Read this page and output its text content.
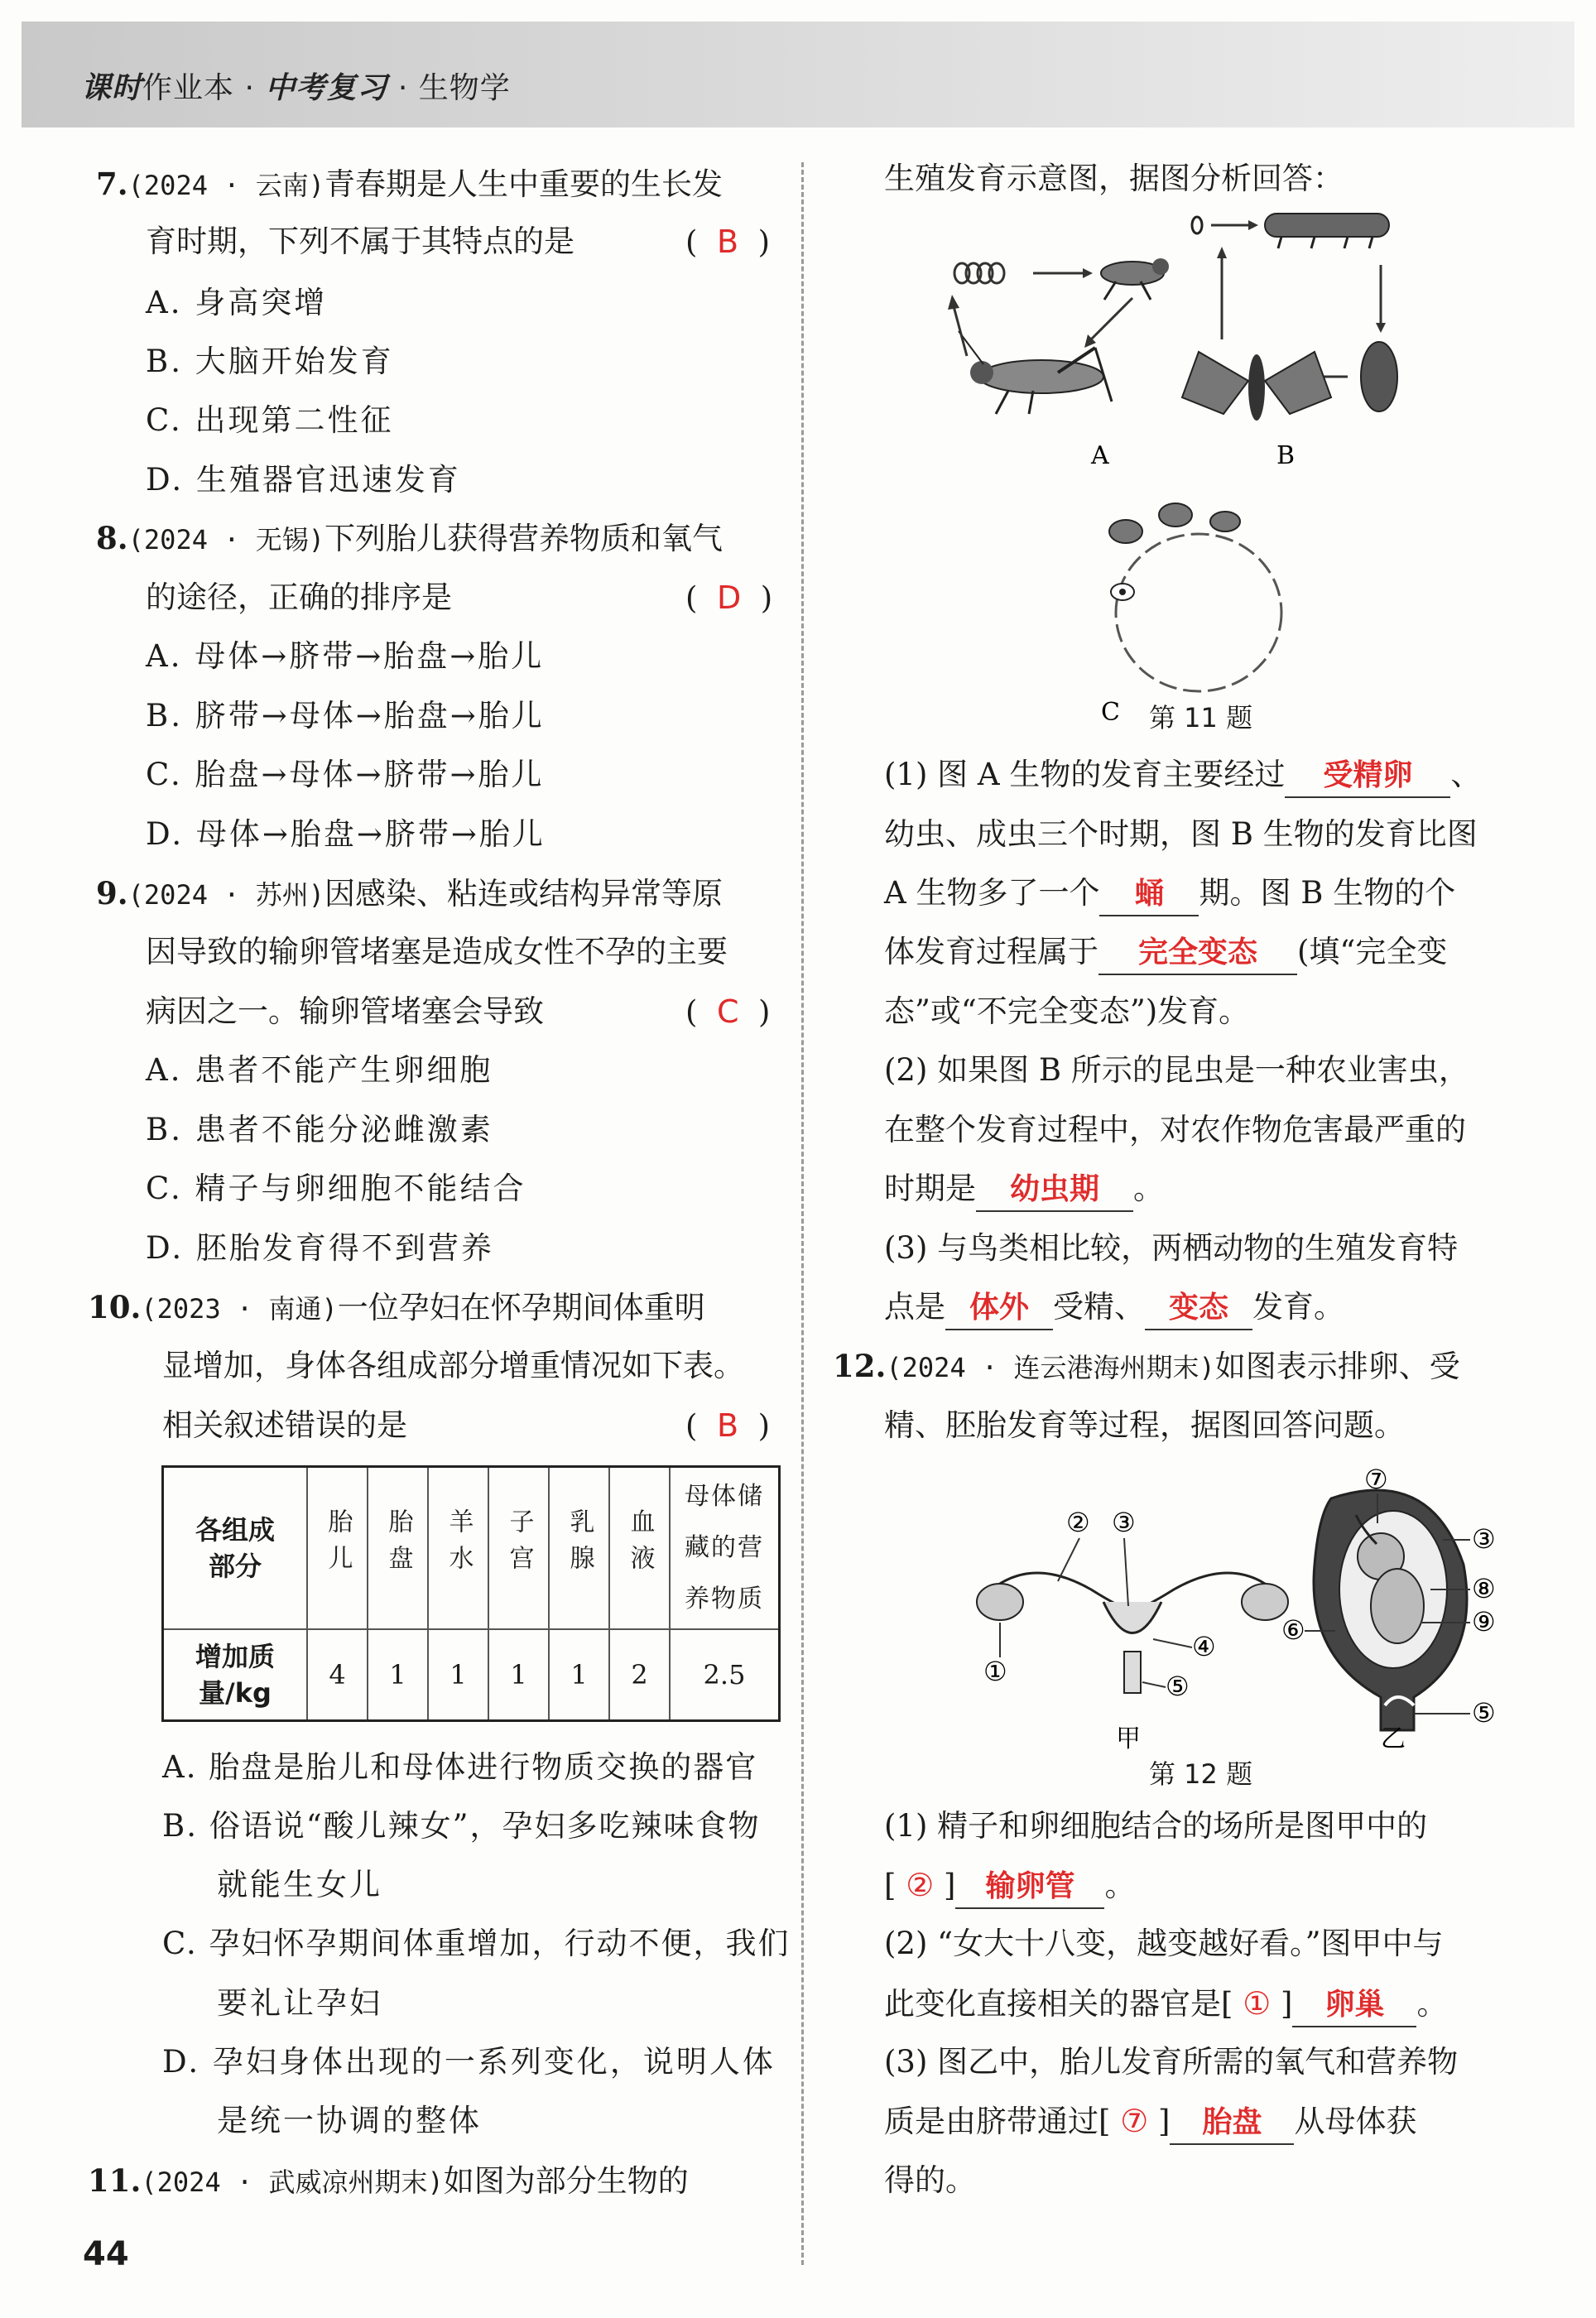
课时作业本 · 中考复习 · 生物学
7.(2024 · 云南)青春期是人生中重要的生长发
育时期，下列不属于其特点的是	(  B  )
A. 身高突增
B. 大脑开始发育
C. 出现第二性征
D. 生殖器官迅速发育
8.(2024 · 无锡)下列胎儿获得营养物质和氧气
的途径，正确的排序是	(  D  )
A. 母体→脐带→胎盘→胎儿
B. 脐带→母体→胎盘→胎儿
C. 胎盘→母体→脐带→胎儿
D. 母体→胎盘→脐带→胎儿
9.(2024 · 苏州)因感染、粘连或结构异常等原
因导致的输卵管堵塞是造成女性不孕的主要
病因之一。输卵管堵塞会导致	(  C  )
A. 患者不能产生卵细胞
B. 患者不能分泌雌激素
C. 精子与卵细胞不能结合
D. 胚胎发育得不到营养
10.(2023 · 南通)一位孕妇在怀孕期间体重明
显增加，身体各组成部分增重情况如下表。
相关叙述错误的是	(  B  )
各组成部分	胎儿	胎盘	羊水	子宫	乳腺	血液	母体储藏的营养物质

增加质量/kg	4	1	1	1	1	2	2.5
A. 胎盘是胎儿和母体进行物质交换的器官
B. 俗语说“酸儿辣女”，孕妇多吃辣味食物
就能生女儿
C. 孕妇怀孕期间体重增加，行动不便，我们
要礼让孕妇
D. 孕妇身体出现的一系列变化，说明人体
是统一协调的整体
11.(2024 · 武威凉州期末)如图为部分生物的
生殖发育示意图，据图分析回答：
A	B
C 第 11 题
(1) 图 A 生物的发育主要经过 受精卵 、
幼虫、成虫三个时期，图 B 生物的发育比图
A 生物多了一个 蛹 期。图 B 生物的个
体发育过程属于 完全变态 (填“完全变
态”或“不完全变态”)发育。
(2) 如果图 B 所示的昆虫是一种农业害虫，
在整个发育过程中，对农作物危害最严重的
时期是 幼虫期 。
(3) 与鸟类相比较，两栖动物的生殖发育特
点是 体外 受精、 变态 发育。
12.(2024 · 连云港海州期末)如图表示排卵、受
精、胚胎发育等过程，据图回答问题。
② ③
①
④
⑤
甲
⑦
③
⑧
⑨
⑥
⑤
乙
第 12 题
(1) 精子和卵细胞结合的场所是图甲中的
[ ② ] 输卵管 。
(2) “女大十八变，越变越好看。”图甲中与
此变化直接相关的器官是[ ① ] 卵巢 。
(3) 图乙中，胎儿发育所需的氧气和营养物
质是由脐带通过[ ⑦ ] 胎盘 从母体获
得的。
44
